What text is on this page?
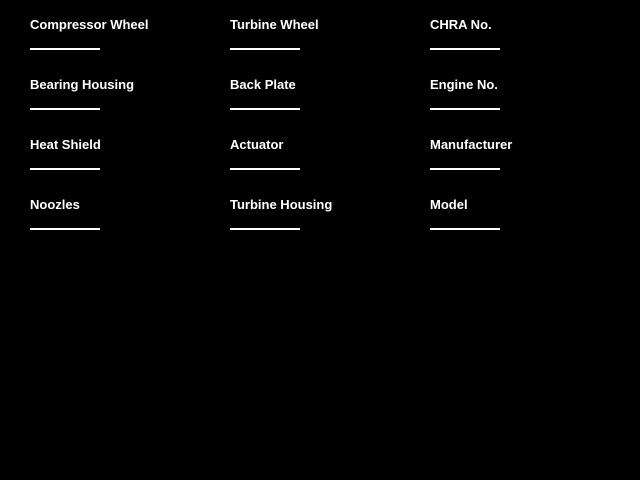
Compressor Wheel
Bearing Housing
Heat Shield
Noozles
Turbine Wheel
Back Plate
Actuator
Turbine Housing
CHRA No.
Engine No.
Manufacturer
Model
